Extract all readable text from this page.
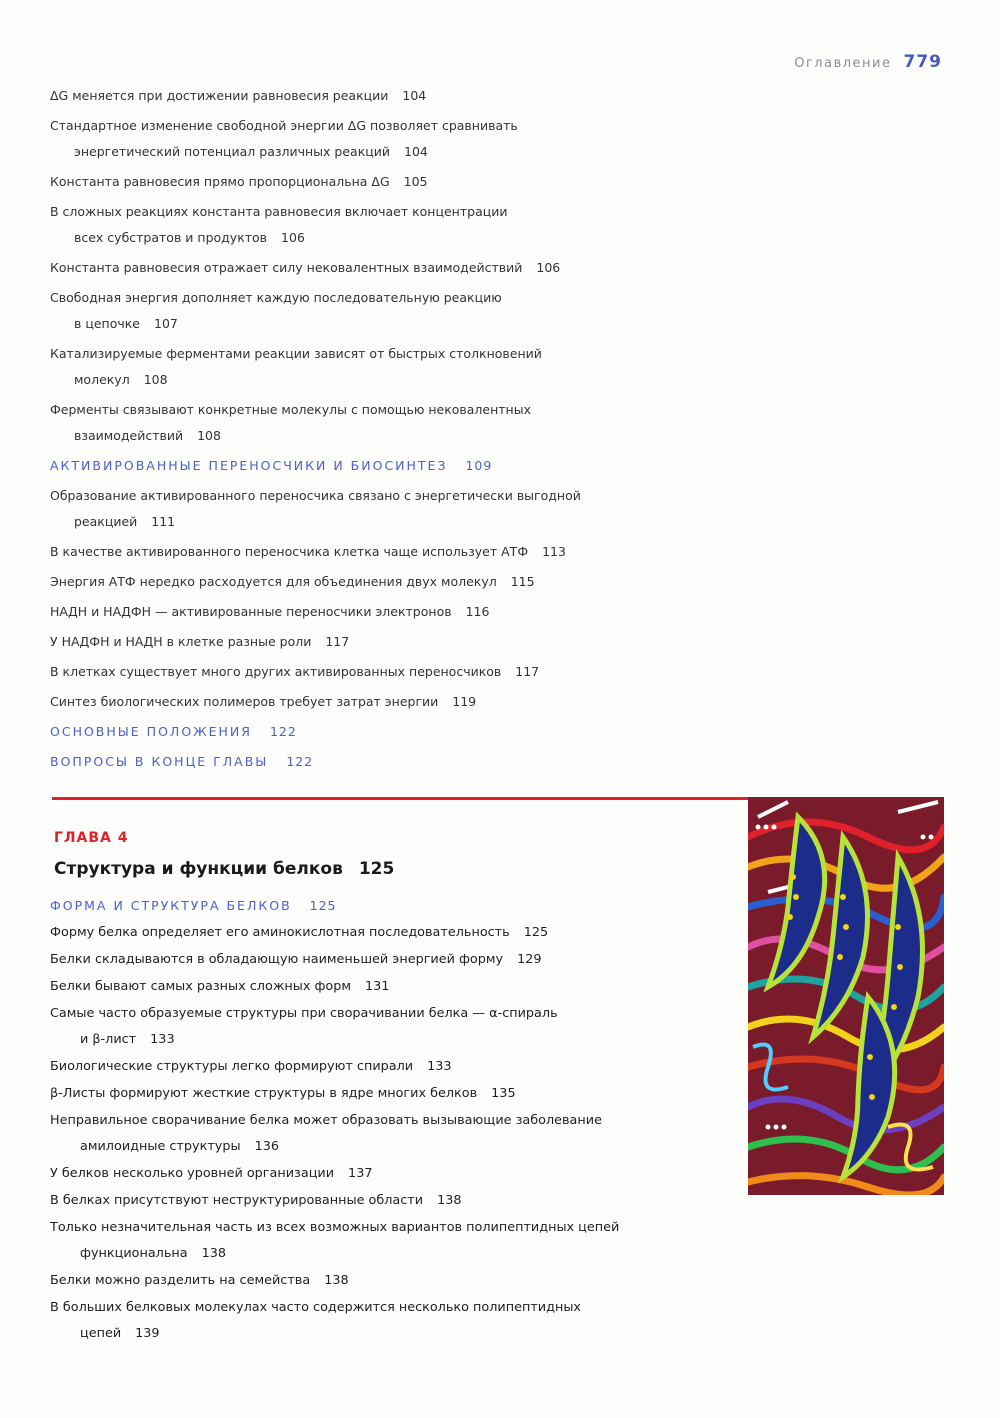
Оглавление 779
ΔG меняется при достижении равновесия реакции 104
Стандартное изменение свободной энергии ΔG позволяет сравнивать
энергетический потенциал различных реакций 104
Константа равновесия прямо пропорциональна ΔG 105
В сложных реакциях константа равновесия включает концентрации
всех субстратов и продуктов 106
Константа равновесия отражает силу нековалентных взаимодействий 106
Свободная энергия дополняет каждую последовательную реакцию
в цепочке 107
Катализируемые ферментами реакции зависят от быстрых столкновений
молекул 108
Ферменты связывают конкретные молекулы с помощью нековалентных
взаимодействий 108
АКТИВИРОВАННЫЕ ПЕРЕНОСЧИКИ И БИОСИНТЕЗ 109
Образование активированного переносчика связано с энергетически выгодной
реакцией 111
В качестве активированного переносчика клетка чаще использует АТФ 113
Энергия АТФ нередко расходуется для объединения двух молекул 115
НАДН и НАДФН — активированные переносчики электронов 116
У НАДФН и НАДН в клетке разные роли 117
В клетках существует много других активированных переносчиков 117
Синтез биологических полимеров требует затрат энергии 119
ОСНОВНЫЕ ПОЛОЖЕНИЯ 122
ВОПРОСЫ В КОНЦЕ ГЛАВЫ 122
ФОРМА И СТРУКТУРА БЕЛКОВ 125
Форму белка определяет его аминокислотная последовательность 125
Белки складываются в обладающую наименьшей энергией форму 129
Белки бывают самых разных сложных форм 131
Самые часто образуемые структуры при сворачивании белка — α-спираль
и β-лист 133
Биологические структуры легко формируют спирали 133
β-Листы формируют жесткие структуры в ядре многих белков 135
Неправильное сворачивание белка может образовать вызывающие заболевание
амилоидные структуры 136
У белков несколько уровней организации 137
В белках присутствуют неструктурированные области 138
Только незначительная часть из всех возможных вариантов полипептидных цепей
функциональна 138
Белки можно разделить на семейства 138
В больших белковых молекулах часто содержится несколько полипептидных
цепей 139
ГЛАВА 4
Структура и функции белков 125
